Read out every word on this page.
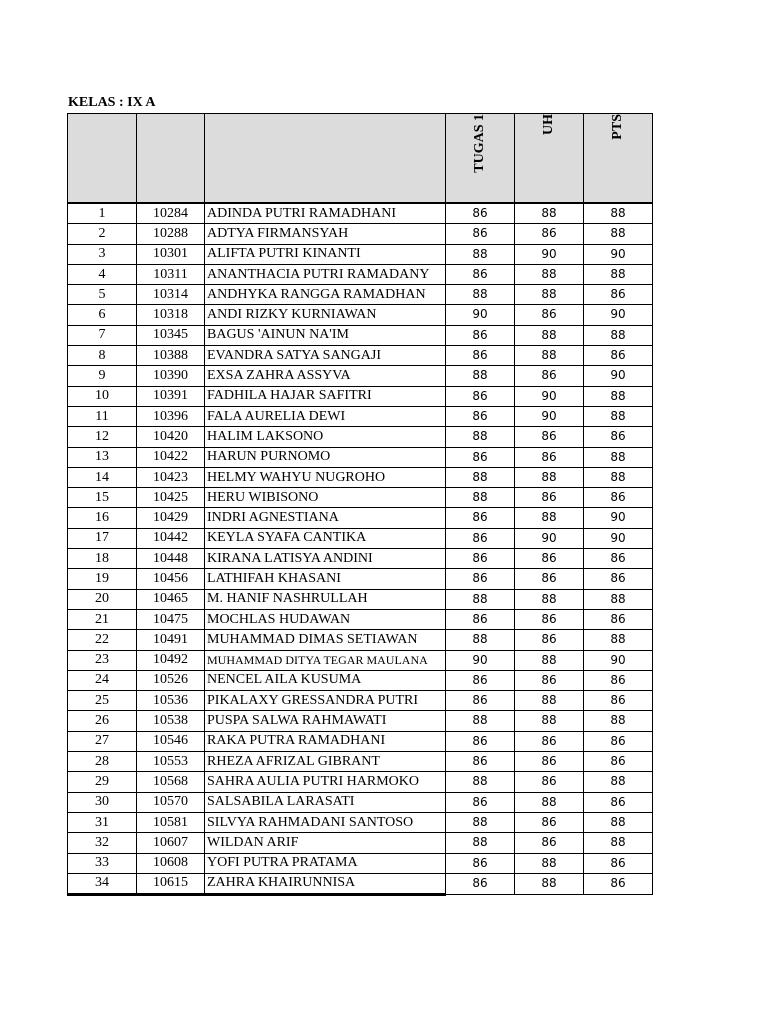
KELAS : IX A
			TUGAS 1	UH	PTS
1	10284	ADINDA PUTRI RAMADHANI	86	88	88
2	10288	ADTYA FIRMANSYAH	86	86	88
3	10301	ALIFTA PUTRI KINANTI	88	90	90
4	10311	ANANTHACIA PUTRI RAMADANY	86	88	88
5	10314	ANDHYKA RANGGA RAMADHAN	88	88	86
6	10318	ANDI RIZKY KURNIAWAN	90	86	90
7	10345	BAGUS 'AINUN NA'IM	86	88	88
8	10388	EVANDRA SATYA SANGAJI	86	88	86
9	10390	EXSA ZAHRA ASSYVA	88	86	90
10	10391	FADHILA HAJAR SAFITRI	86	90	88
11	10396	FALA AURELIA DEWI	86	90	88
12	10420	HALIM LAKSONO	88	86	86
13	10422	HARUN PURNOMO	86	86	88
14	10423	HELMY WAHYU NUGROHO	88	88	88
15	10425	HERU WIBISONO	88	86	86
16	10429	INDRI AGNESTIANA	86	88	90
17	10442	KEYLA SYAFA CANTIKA	86	90	90
18	10448	KIRANA LATISYA ANDINI	86	86	86
19	10456	LATHIFAH KHASANI	86	86	86
20	10465	M. HANIF NASHRULLAH	88	88	88
21	10475	MOCHLAS HUDAWAN	86	86	86
22	10491	MUHAMMAD DIMAS SETIAWAN	88	86	88
23	10492	MUHAMMAD DITYA TEGAR MAULANA	90	88	90
24	10526	NENCEL AILA KUSUMA	86	86	86
25	10536	PIKALAXY GRESSANDRA PUTRI	86	88	86
26	10538	PUSPA SALWA RAHMAWATI	88	88	88
27	10546	RAKA PUTRA RAMADHANI	86	86	86
28	10553	RHEZA AFRIZAL GIBRANT	86	86	86
29	10568	SAHRA AULIA PUTRI HARMOKO	88	86	88
30	10570	SALSABILA LARASATI	86	88	86
31	10581	SILVYA RAHMADANI SANTOSO	88	86	88
32	10607	WILDAN ARIF	88	86	88
33	10608	YOFI PUTRA PRATAMA	86	88	86
34	10615	ZAHRA KHAIRUNNISA	86	88	86
